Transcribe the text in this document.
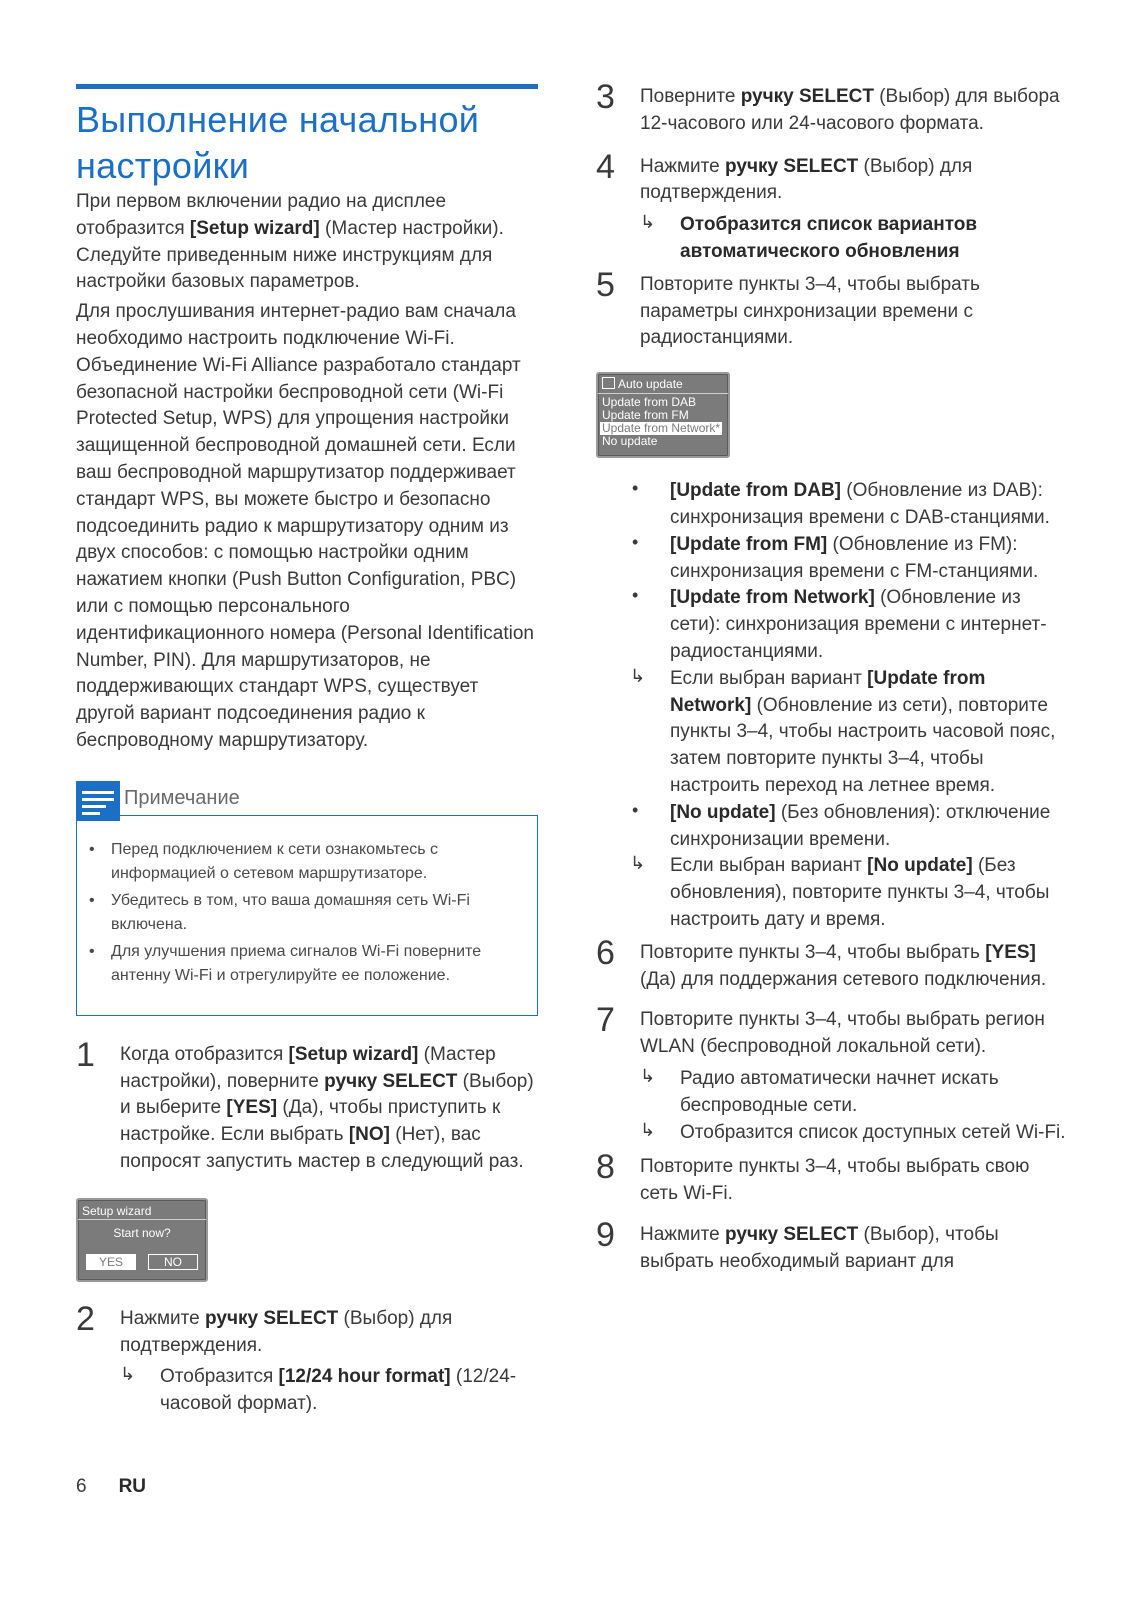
Выполнение начальной
настройки

При первом включении радио на дисплее отобразится [Setup wizard] (Мастер настройки). Следуйте приведенным ниже инструкциям для настройки базовых параметров.

Для прослушивания интернет-радио вам сначала необходимо настроить подключение Wi-Fi. Объединение Wi-Fi Alliance разработало стандарт безопасной настройки беспроводной сети (Wi-Fi Protected Setup, WPS) для упрощения настройки защищенной беспроводной домашней сети. Если ваш беспроводной маршрутизатор поддерживает стандарт WPS, вы можете быстро и безопасно подсоединить радио к маршрутизатору одним из двух способов: с помощью настройки одним нажатием кнопки (Push Button Configuration, PBC) или с помощью персонального идентификационного номера (Personal Identification Number, PIN). Для маршрутизаторов, не поддерживающих стандарт WPS, существует другой вариант подсоединения радио к беспроводному маршрутизатору.

Примечание
• Перед подключением к сети ознакомьтесь с информацией о сетевом маршрутизаторе.
• Убедитесь в том, что ваша домашняя сеть Wi-Fi включена.
• Для улучшения приема сигналов Wi-Fi поверните антенну Wi-Fi и отрегулируйте ее положение.
1 Когда отобразится [Setup wizard] (Мастер настройки), поверните ручку SELECT (Выбор) и выберите [YES] (Да), чтобы приступить к настройке. Если выбрать [NO] (Нет), вас попросят запустить мастер в следующий раз.

Setup wizard
Start now?
YES	NO
2 Нажмите ручку SELECT (Выбор) для подтверждения.

↳ Отобразится [12/24 hour format] (12/24-часовой формат).

3 Поверните ручку SELECT (Выбор) для выбора 12-часового или 24-часового формата.

4 Нажмите ручку SELECT (Выбор) для подтверждения.

↳ Отобразится список вариантов автоматического обновления

5 Повторите пункты 3–4, чтобы выбрать параметры синхронизации времени с радиостанциями.

Auto update
Update from DAB
Update from FM
Update from Network*
No update
• [Update from DAB] (Обновление из DAB): синхронизация времени с DAB-станциями.

• [Update from FM] (Обновление из FM): синхронизация времени с FM-станциями.

• [Update from Network] (Обновление из сети): синхронизация времени с интернет-радиостанциями.

↳ Если выбран вариант [Update from Network] (Обновление из сети), повторите пункты 3–4, чтобы настроить часовой пояс, затем повторите пункты 3–4, чтобы настроить переход на летнее время.

• [No update] (Без обновления): отключение синхронизации времени.

↳ Если выбран вариант [No update] (Без обновления), повторите пункты 3–4, чтобы настроить дату и время.

6 Повторите пункты 3–4, чтобы выбрать [YES] (Да) для поддержания сетевого подключения.

7 Повторите пункты 3–4, чтобы выбрать регион WLAN (беспроводной локальной сети).

↳ Радио автоматически начнет искать беспроводные сети.

↳ Отобразится список доступных сетей Wi-Fi.

8 Повторите пункты 3–4, чтобы выбрать свою сеть Wi-Fi.

9 Нажмите ручку SELECT (Выбор), чтобы выбрать необходимый вариант для

6 RU
